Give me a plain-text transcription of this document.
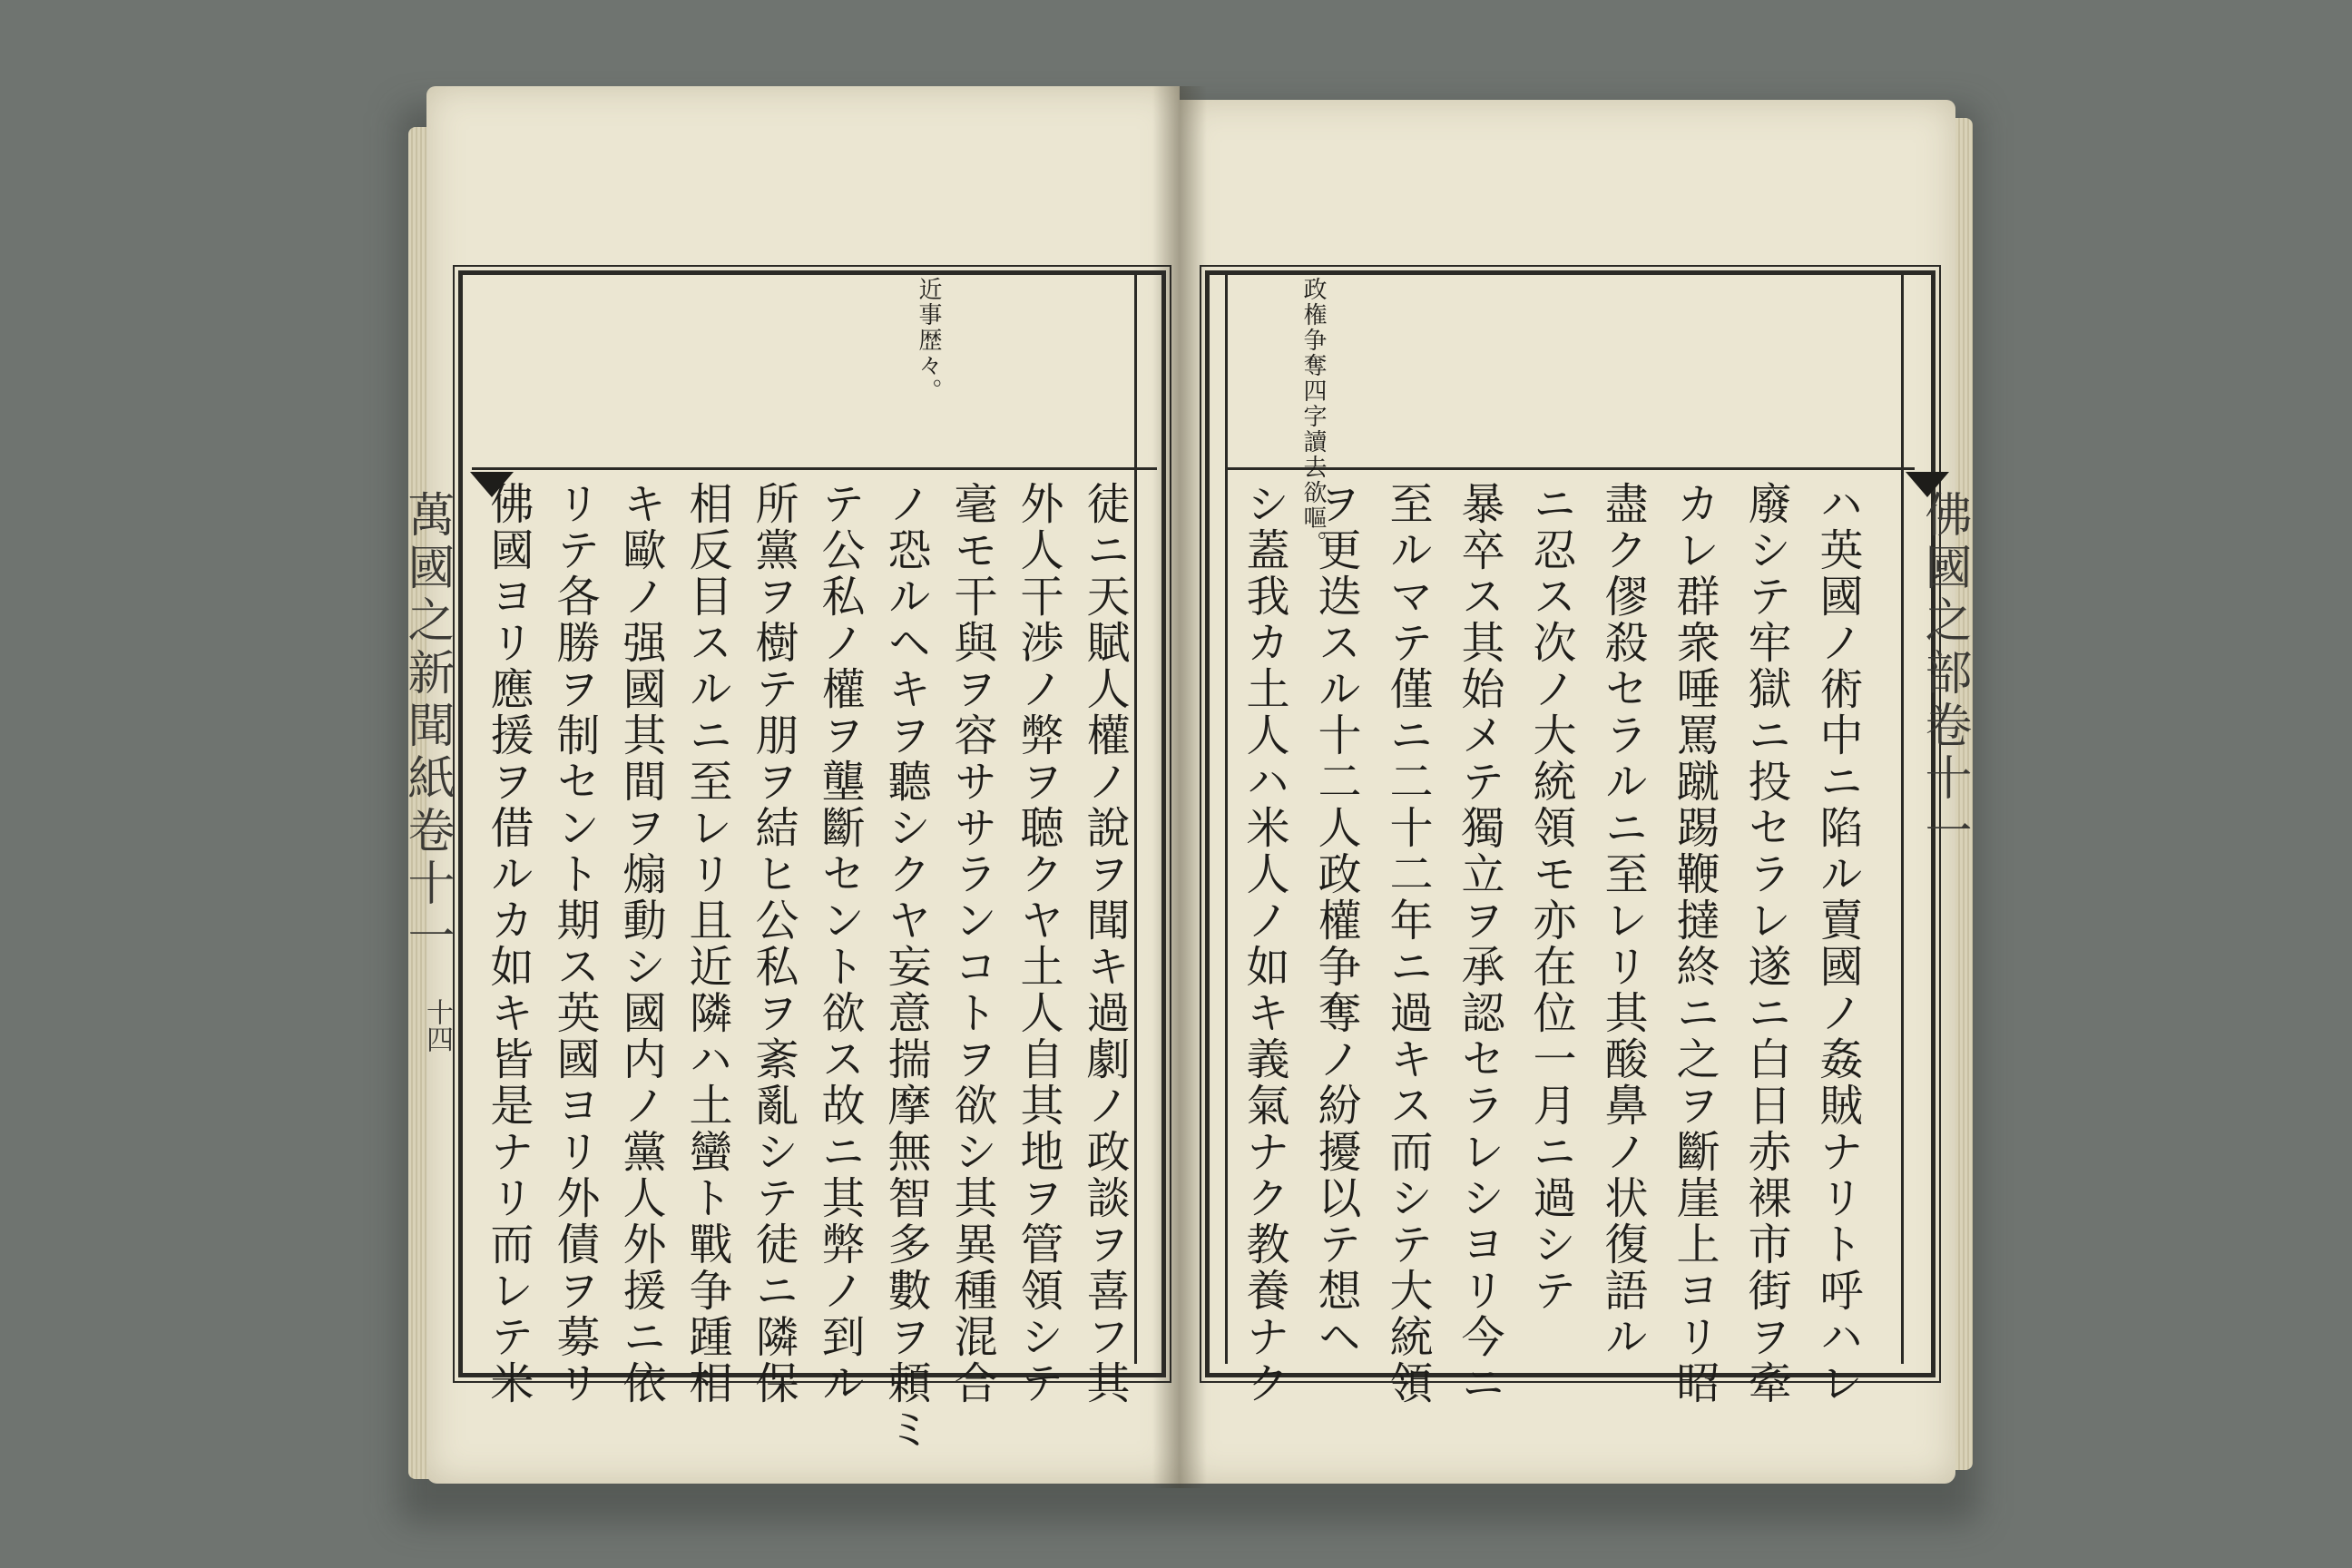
萬國之新聞紙卷十一
十四
佛國之部卷十一
近事歴々。	政権争奪四字讀去欲嘔。
佛國ヨリ應援ヲ借ルカ如キ皆是ナリ而レテ米 リテ各勝ヲ制セント期ス英國ヨリ外債ヲ募リ キ歐ノ强國其間ヲ煽動シ國内ノ黨人外援ニ依 相反目スルニ至レリ且近隣ハ土蠻ト戰争踵相 所黨ヲ樹テ朋ヲ結ヒ公私ヲ紊亂シテ徒ニ隣保 テ公私ノ權ヲ壟斷セント欲ス故ニ其弊ノ到ル ノ恐ルヘキヲ聽シクヤ妄意揣摩無智多數ヲ頼ミ 毫モ干與ヲ容ササランコトヲ欲シ其異種混合 外人干渉ノ弊ヲ聴クヤ土人自其地ヲ管領シテ 徒ニ天賦人權ノ說ヲ聞キ過劇ノ政談ヲ喜フ其	シ蓋我カ土人ハ米人ノ如キ義氣ナク教養ナク ヲ更迭スル十二人政權争奪ノ紛擾以テ想ヘ 至ルマテ僅ニ二十二年ニ過キス而シテ大統領 暴卒ス其始メテ獨立ヲ承認セラレシヨリ今ニ ニ忍ス次ノ大統領モ亦在位一月ニ過シテ 盡ク僇殺セラルニ至レリ其酸鼻ノ状復語ル カレ群衆唾罵蹴踢鞭撻終ニ之ヲ斷崖上ヨリ昭 廢シテ牢獄ニ投セラレ遂ニ白日赤裸市街ヲ牽 ハ英國ノ術中ニ陷ル賣國ノ姦賊ナリト呼ハレ
